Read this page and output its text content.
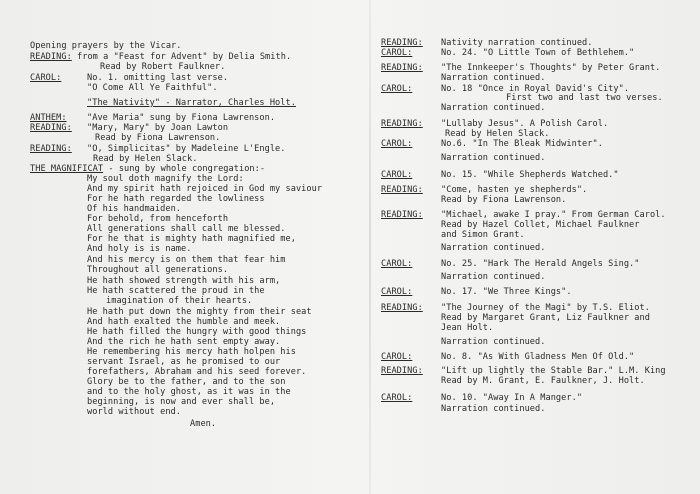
Opening prayers by the Vicar.
READING: from a "Feast for Advent" by Delia Smith.
Read by Robert Faulkner.
CAROL:	No. 1. omitting last verse.
"O Come All Ye Faithful".
"The Nativity" - Narrator, Charles Holt.
ANTHEM: "Ave Maria" sung by Fiona Lawrenson.
READING: "Mary, Mary" by Joan Lawton
Read by Fiona Lawrenson.
READING: "O, Simplicitas" by Madeleine L'Engle.
Read by Helen Slack.
THE MAGNIFICAT - sung by whole congregation:-
My soul doth magnify the Lord:
And my spirit hath rejoiced in God my saviour
For he hath regarded the lowliness
Of his handmaiden.
For behold, from henceforth
All generations shall call me blessed.
For he that is mighty hath magnified me,
And holy is is name.
And his mercy is on them that fear him
Throughout all generations.
He hath showed strength with his arm,
He hath scattered the proud in the
imagination of their hearts.
He hath put down the mighty from their seat
And hath exalted the humble and meek.
He hath filled the hungry with good things
And the rich he hath sent empty away.
He remembering his mercy hath holpen his
servant Israel, as he promised to our
forefathers, Abraham and his seed forever.
Glory be to the father, and to the son
and to the holy ghost, as it was in the
beginning, is now and ever shall be,
world without end.
Amen.
READING: Nativity narration continued.
CAROL:	No. 24. "O Little Town of Bethlehem."
READING: "The Innkeeper's Thoughts" by Peter Grant.
Narration continued.
CAROL:	No. 18 "Once in Royal David's City".
First two and last two verses.
Narration continued.
READING: "Lullaby Jesus". A Polish Carol.
Read by Helen Slack.
CAROL:	No.6. "In The Bleak Midwinter".
Narration continued.
CAROL:	No. 15. "While Shepherds Watched."
READING: "Come, hasten ye shepherds".
Read by Fiona Lawrenson.
READING: "Michael, awake I pray." From German Carol.
Read by Hazel Collet, Michael Faulkner
and Simon Grant.
Narration continued.
CAROL:	No. 25. "Hark The Herald Angels Sing."
Narration continued.
CAROL:	No. 17. "We Three Kings".
READING: "The Journey of the Magi" by T.S. Eliot.
Read by Margaret Grant, Liz Faulkner and
Jean Holt.
Narration continued.
CAROL:	No. 8. "As With Gladness Men Of Old."
READING: "Lift up lightly the Stable Bar." L.M. King
Read by M. Grant, E. Faulkner, J. Holt.
CAROL:	No. 10. "Away In A Manger."
Narration continued.
